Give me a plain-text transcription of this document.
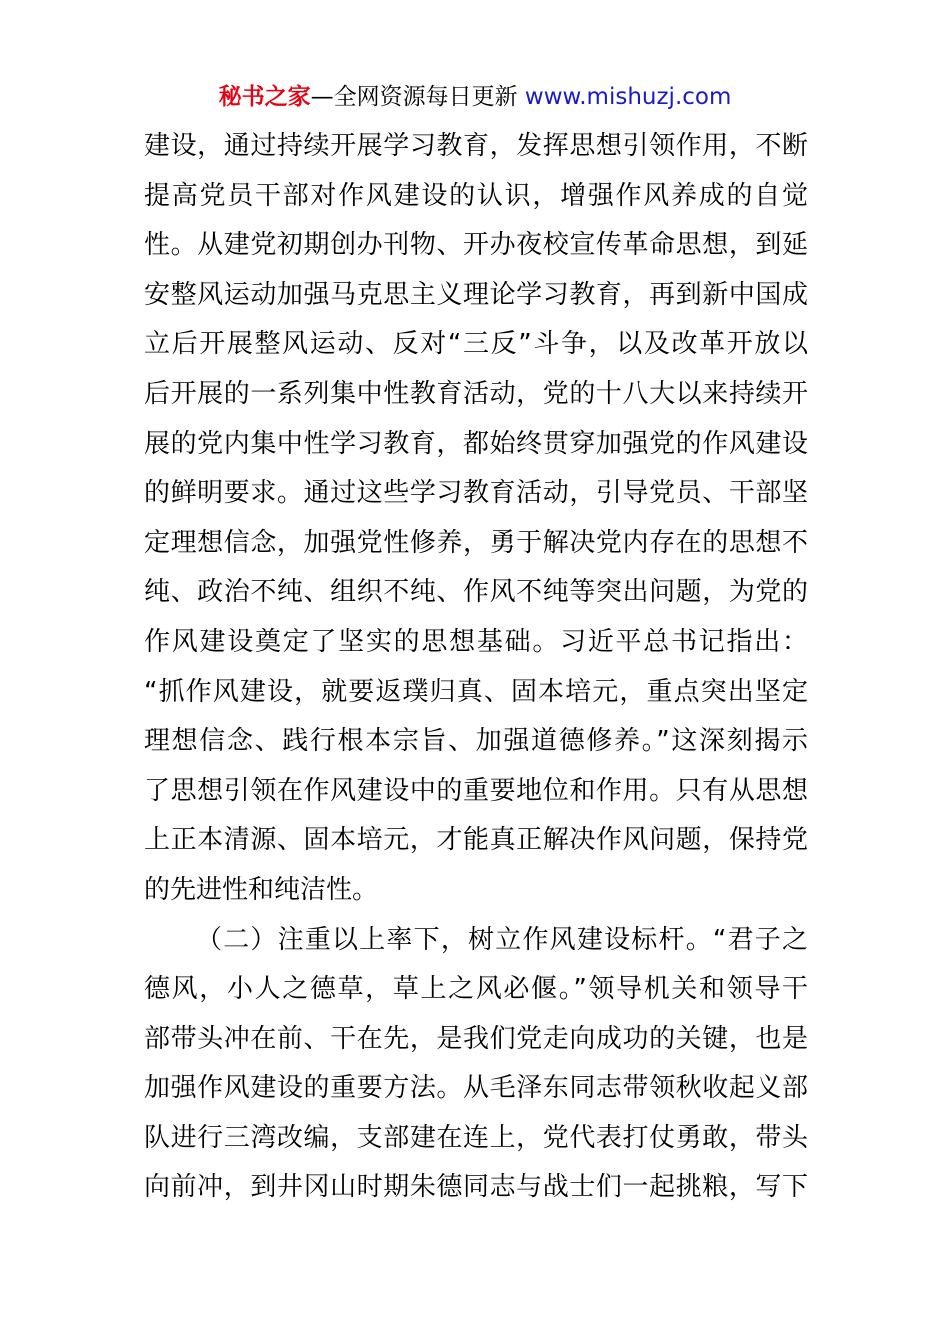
秘书之家—全网资源每日更新 www.mishuzj.com
建设，通过持续开展学习教育，发挥思想引领作用，不断
提高党员干部对作风建设的认识，增强作风养成的自觉
性。从建党初期创办刊物、开办夜校宣传革命思想，到延
安整风运动加强马克思主义理论学习教育，再到新中国成
立后开展整风运动、反对“三反”斗争，以及改革开放以
后开展的一系列集中性教育活动，党的十八大以来持续开
展的党内集中性学习教育，都始终贯穿加强党的作风建设
的鲜明要求。通过这些学习教育活动，引导党员、干部坚
定理想信念，加强党性修养，勇于解决党内存在的思想不
纯、政治不纯、组织不纯、作风不纯等突出问题，为党的
作风建设奠定了坚实的思想基础。习近平总书记指出：
“抓作风建设，就要返璞归真、固本培元，重点突出坚定
理想信念、践行根本宗旨、加强道德修养。”这深刻揭示
了思想引领在作风建设中的重要地位和作用。只有从思想
上正本清源、固本培元，才能真正解决作风问题，保持党
的先进性和纯洁性。
（二）注重以上率下，树立作风建设标杆。“君子之
德风，小人之德草，草上之风必偃。”领导机关和领导干
部带头冲在前、干在先，是我们党走向成功的关键，也是
加强作风建设的重要方法。从毛泽东同志带领秋收起义部
队进行三湾改编，支部建在连上，党代表打仗勇敢，带头
向前冲，到井冈山时期朱德同志与战士们一起挑粮，写下
